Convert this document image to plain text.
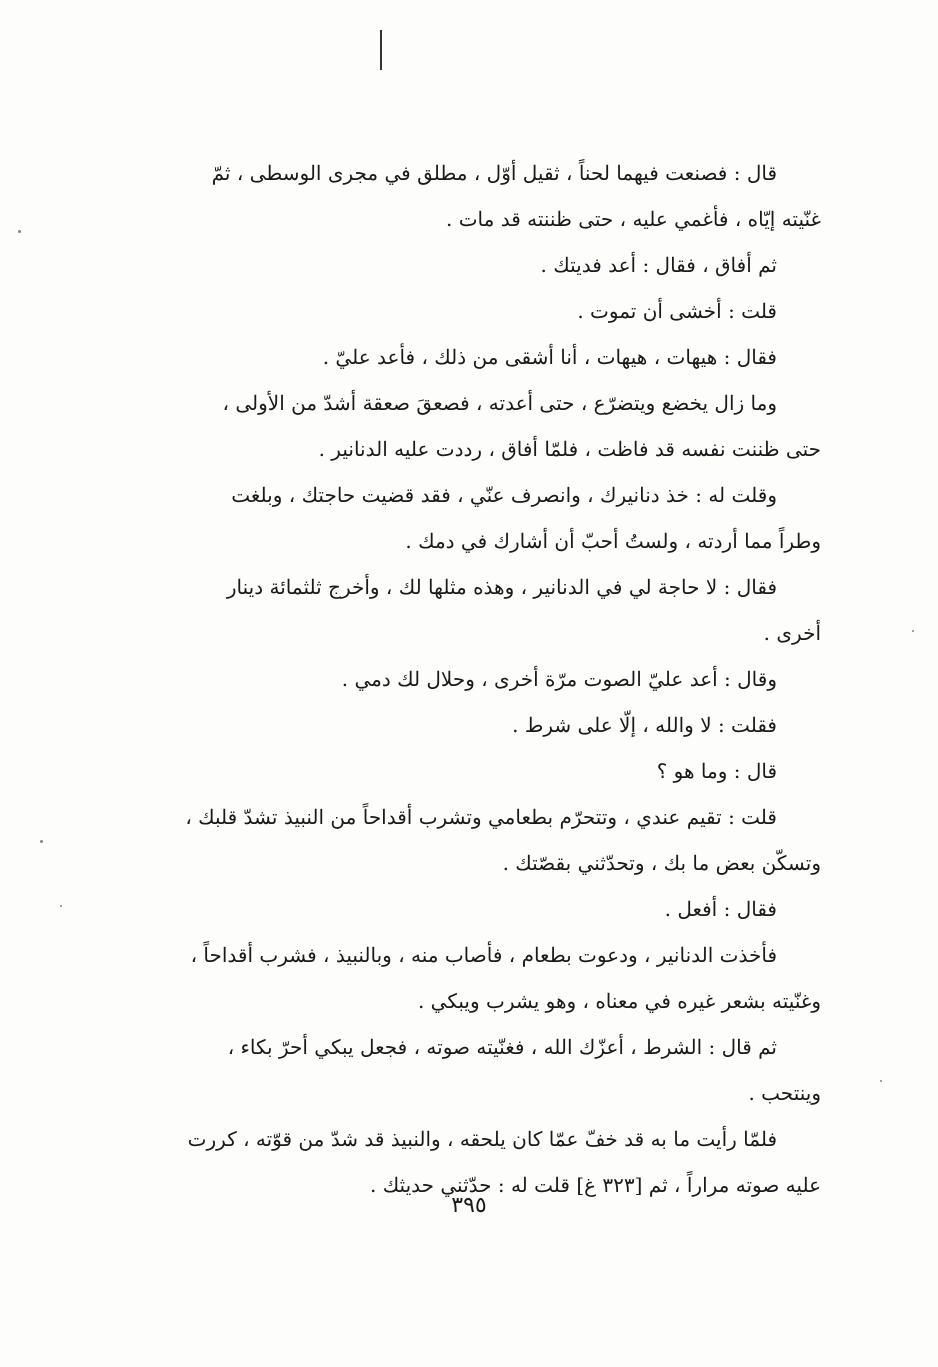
قال : فصنعت فيهما لحناً ، ثقيل أوّل ، مطلق في مجرى الوسطى ، ثمّ
غنّيته إيّاه ، فأغمي عليه ، حتى ظننته قد مات .
ثم أفاق ، فقال : أعد فديتك .
قلت : أخشى أن تموت .
فقال : هيهات ، هيهات ، أنا أشقى من ذلك ، فأعد عليّ .
وما زال يخضع ويتضرّع ، حتى أعدته ، فصعقَ صعقة أشدّ من الأولى ،
حتى ظننت نفسه قد فاظت ، فلمّا أفاق ، رددت عليه الدنانير .
وقلت له : خذ دنانيرك ، وانصرف عنّي ، فقد قضيت حاجتك ، وبلغت
وطراً مما أردته ، ولستُ أحبّ أن أشارك في دمك .
فقال : لا حاجة لي في الدنانير ، وهذه مثلها لك ، وأخرج ثلثمائة دينار
أخرى .
وقال : أعد عليّ الصوت مرّة أخرى ، وحلال لك دمي .
فقلت : لا والله ، إلّا على شرط .
قال : وما هو ؟
قلت : تقيم عندي ، وتتحرّم بطعامي وتشرب أقداحاً من النبيذ تشدّ قلبك ،
وتسكّن بعض ما بك ، وتحدّثني بقصّتك .
فقال : أفعل .
فأخذت الدنانير ، ودعوت بطعام ، فأصاب منه ، وبالنبيذ ، فشرب أقداحاً ،
وغنّيته بشعر غيره في معناه ، وهو يشرب ويبكي .
ثم قال : الشرط ، أعزّك الله ، فغنّيته صوته ، فجعل يبكي أحرّ بكاء ،
وينتحب .
فلمّا رأيت ما به قد خفّ عمّا كان يلحقه ، والنبيذ قد شدّ من قوّته ، كررت
عليه صوته مراراً ، ثم [٣٢٣ غ] قلت له : حدّثني حديثك .
٣٩٥
